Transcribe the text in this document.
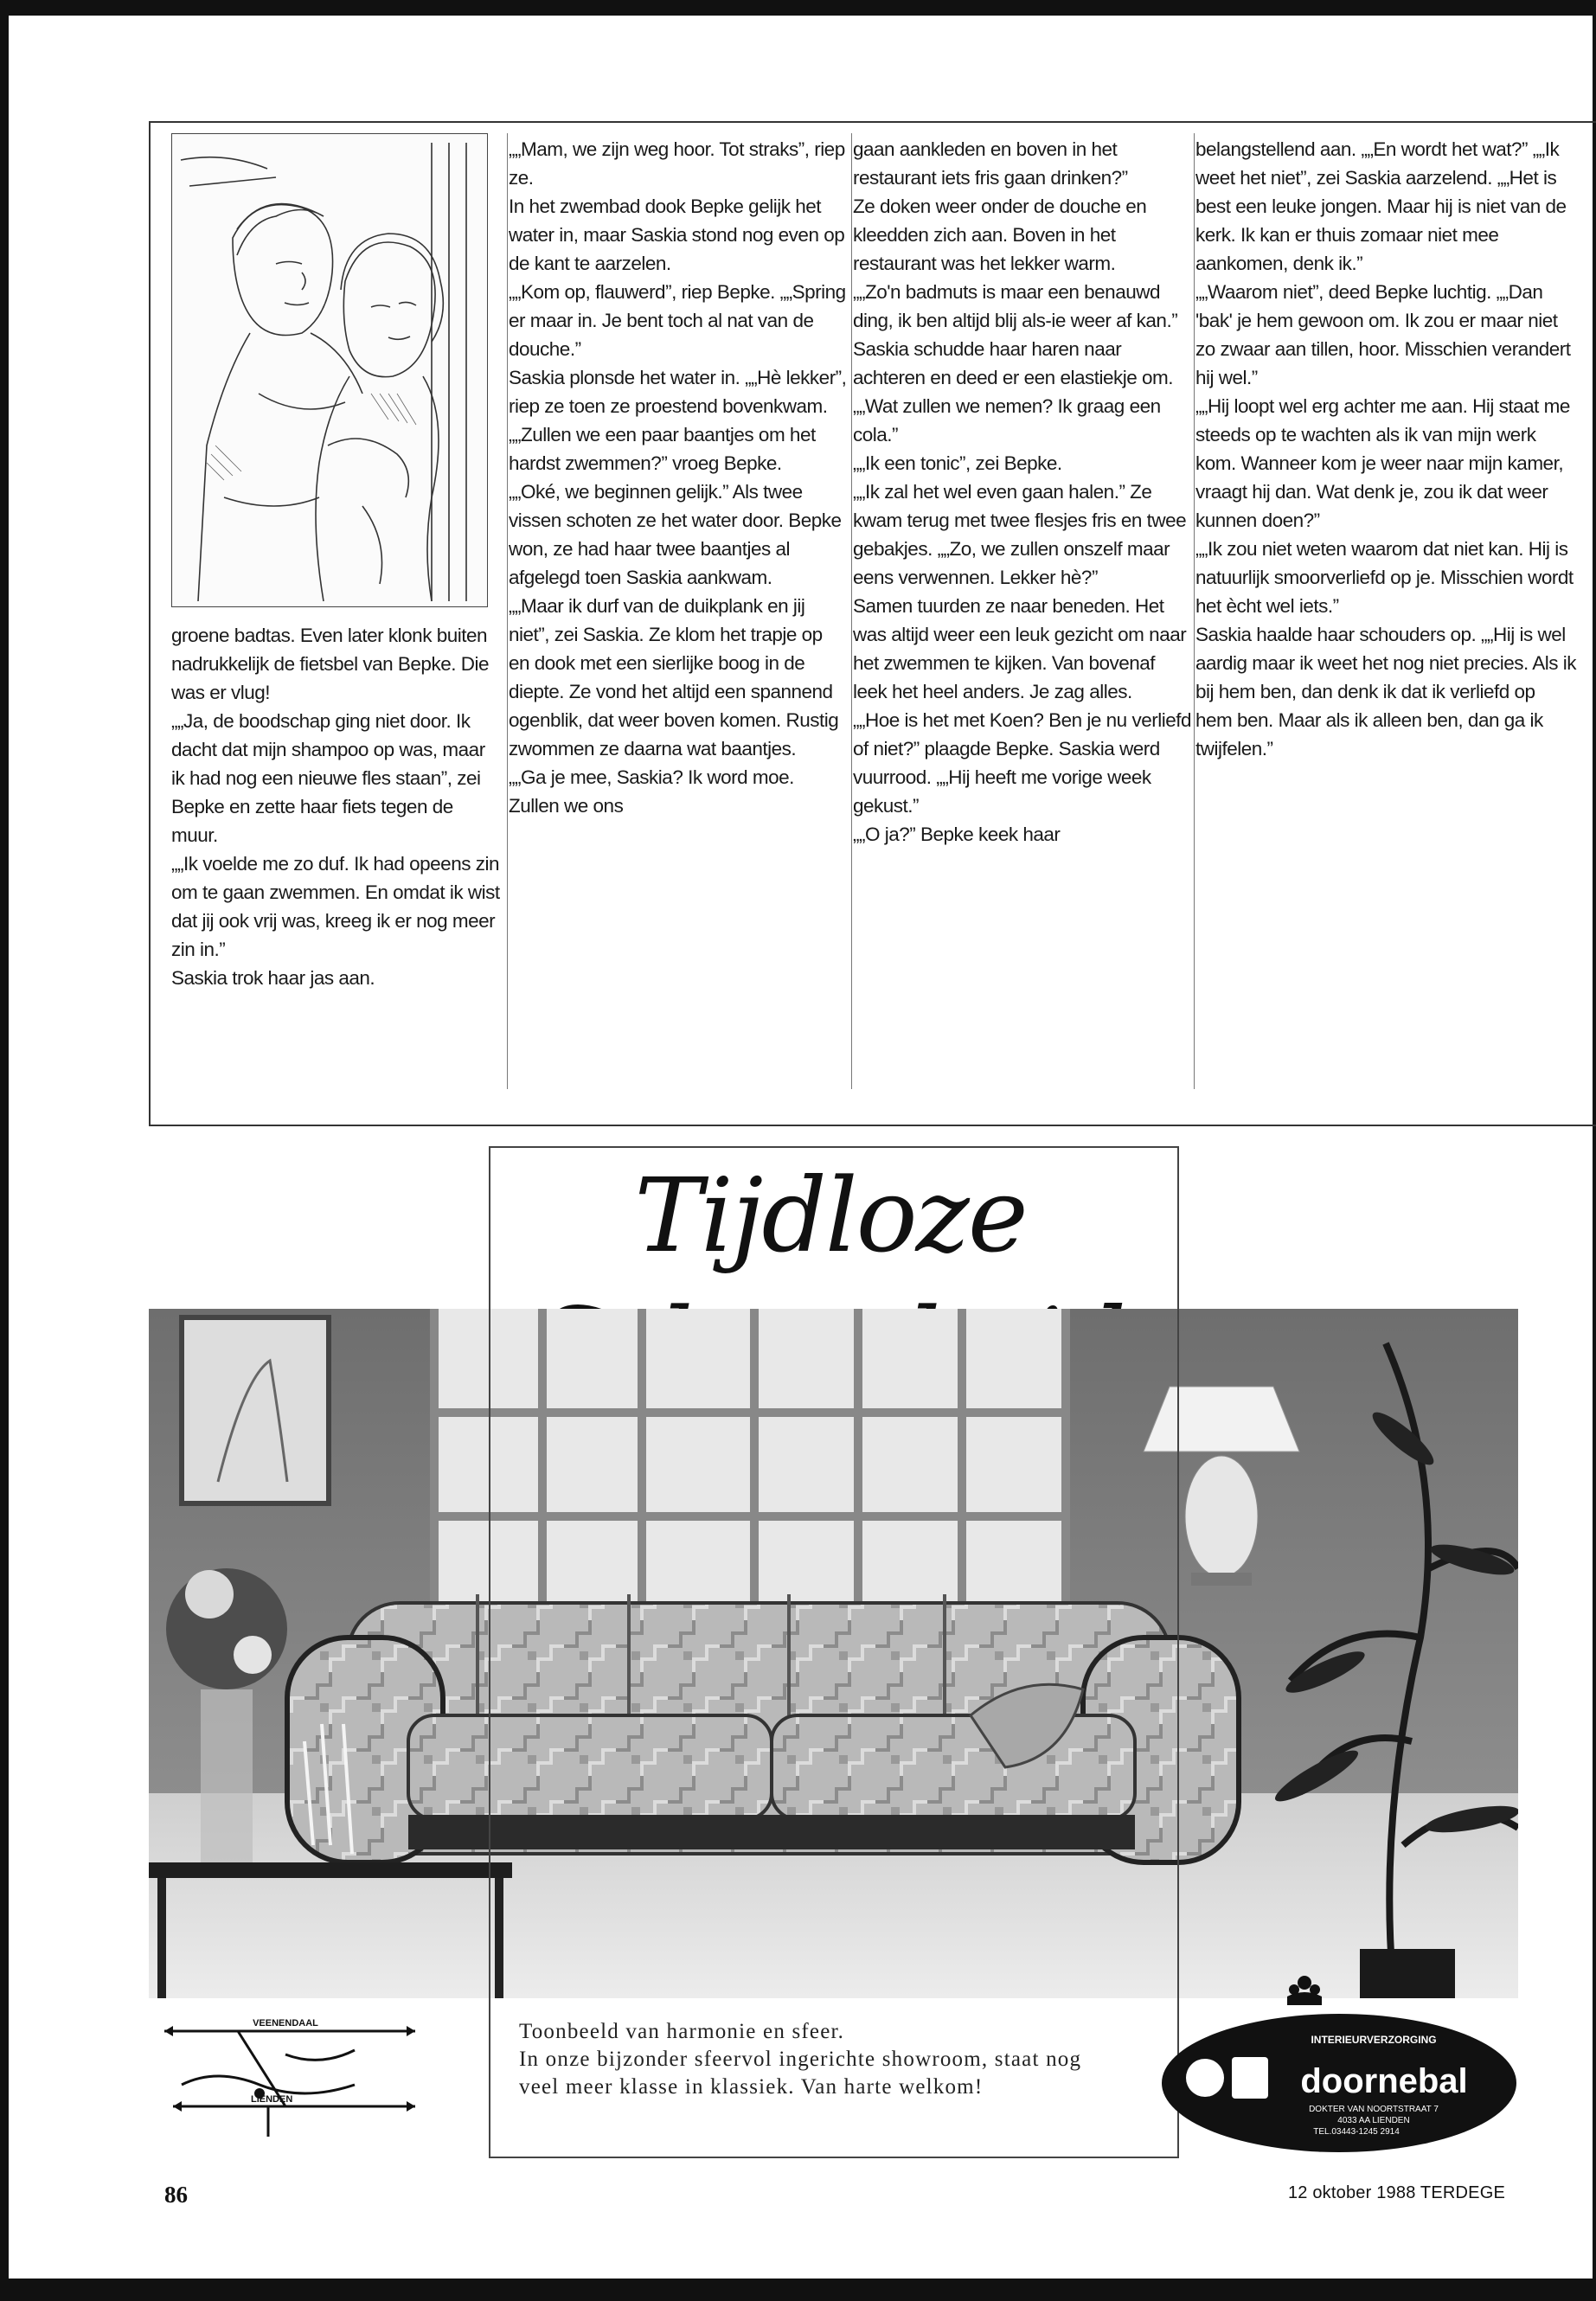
groene badtas. Even later klonk buiten nadrukkelijk de fietsbel van Bepke. Die was er vlug!

„„Ja, de boodschap ging niet door. Ik dacht dat mijn shampoo op was, maar ik had nog een nieuwe fles staan”, zei Bepke en zette haar fiets tegen de muur.

„„Ik voelde me zo duf. Ik had opeens zin om te gaan zwemmen. En omdat ik wist dat jij ook vrij was, kreeg ik er nog meer zin in.”

Saskia trok haar jas aan.

„„Mam, we zijn weg hoor. Tot straks”, riep ze.

In het zwembad dook Bepke gelijk het water in, maar Saskia stond nog even op de kant te aarzelen.

„„Kom op, flauwerd”, riep Bepke. „„Spring er maar in. Je bent toch al nat van de douche.”

Saskia plonsde het water in. „„Hè lekker”, riep ze toen ze proestend bovenkwam.

„„Zullen we een paar baantjes om het hardst zwemmen?” vroeg Bepke.

„„Oké, we beginnen gelijk.” Als twee vissen schoten ze het water door. Bepke won, ze had haar twee baantjes al afgelegd toen Saskia aankwam.

„„Maar ik durf van de duikplank en jij niet”, zei Saskia. Ze klom het trapje op en dook met een sierlijke boog in de diepte. Ze vond het altijd een spannend ogenblik, dat weer boven komen. Rustig zwommen ze daarna wat baantjes.

„„Ga je mee, Saskia? Ik word moe. Zullen we ons

gaan aankleden en boven in het restaurant iets fris gaan drinken?”

Ze doken weer onder de douche en kleedden zich aan. Boven in het restaurant was het lekker warm.

„„Zo'n badmuts is maar een benauwd ding, ik ben altijd blij als-ie weer af kan.” Saskia schudde haar haren naar achteren en deed er een elastiekje om.

„„Wat zullen we nemen? Ik graag een cola.”

„„Ik een tonic”, zei Bepke.

„„Ik zal het wel even gaan halen.” Ze kwam terug met twee flesjes fris en twee gebakjes. „„Zo, we zullen onszelf maar eens verwennen. Lekker hè?”

Samen tuurden ze naar beneden. Het was altijd weer een leuk gezicht om naar het zwemmen te kijken. Van bovenaf leek het heel anders. Je zag alles.

„„Hoe is het met Koen? Ben je nu verliefd of niet?” plaagde Bepke. Saskia werd vuurrood. „„Hij heeft me vorige week gekust.”

„„O ja?” Bepke keek haar

belangstellend aan. „„En wordt het wat?” „„Ik weet het niet”, zei Saskia aarzelend. „„Het is best een leuke jongen. Maar hij is niet van de kerk. Ik kan er thuis zomaar niet mee aankomen, denk ik.”

„„Waarom niet”, deed Bepke luchtig. „„Dan 'bak' je hem gewoon om. Ik zou er maar niet zo zwaar aan tillen, hoor. Misschien verandert hij wel.”

„„Hij loopt wel erg achter me aan. Hij staat me steeds op te wachten als ik van mijn werk kom. Wanneer kom je weer naar mijn kamer, vraagt hij dan. Wat denk je, zou ik dat weer kunnen doen?”

„„Ik zou niet weten waarom dat niet kan. Hij is natuurlijk smoorverliefd op je. Misschien wordt het ècht wel iets.”

Saskia haalde haar schouders op. „„Hij is wel aardig maar ik weet het nog niet precies. Als ik bij hem ben, dan denk ik dat ik verliefd op hem ben. Maar als ik alleen ben, dan ga ik twijfelen.”

Tijdloze
VEENENDAAL
LIENDEN

Toonbeeld van harmonie en sfeer.

In onze bijzonder sfeervol ingerichte showroom, staat nog veel meer klasse in klassiek. Van harte welkom!

INTERIEURVERZORGING
doornebal
DOKTER VAN NOORTSTRAAT 7
4033 AA LIENDEN
TEL.03443-1245 2914
86	12 oktober 1988 TERDEGE
